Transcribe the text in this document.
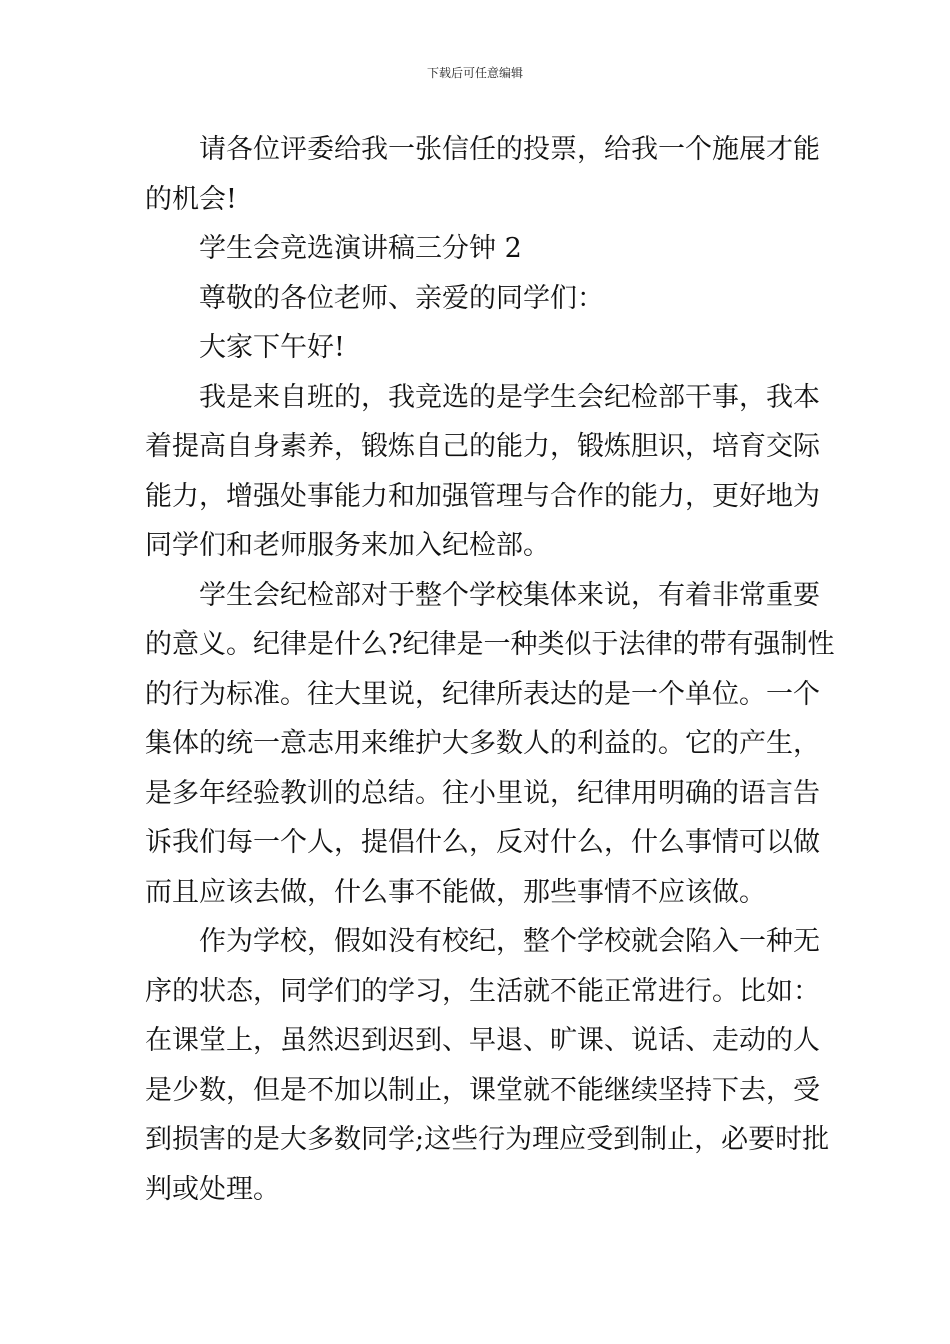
下载后可任意编辑
请各位评委给我一张信任的投票，给我一个施展才能
的机会!
学生会竞选演讲稿三分钟 2
尊敬的各位老师、亲爱的同学们：
大家下午好!
我是来自班的，我竞选的是学生会纪检部干事，我本
着提高自身素养，锻炼自己的能力，锻炼胆识，培育交际
能力，增强处事能力和加强管理与合作的能力，更好地为
同学们和老师服务来加入纪检部。
学生会纪检部对于整个学校集体来说，有着非常重要
的意义。纪律是什么?纪律是一种类似于法律的带有强制性
的行为标准。往大里说，纪律所表达的是一个单位。一个
集体的统一意志用来维护大多数人的利益的。它的产生，
是多年经验教训的总结。往小里说，纪律用明确的语言告
诉我们每一个人，提倡什么，反对什么，什么事情可以做
而且应该去做，什么事不能做，那些事情不应该做。
作为学校，假如没有校纪，整个学校就会陷入一种无
序的状态，同学们的学习，生活就不能正常进行。比如：
在课堂上，虽然迟到迟到、早退、旷课、说话、走动的人
是少数，但是不加以制止，课堂就不能继续坚持下去，受
到损害的是大多数同学;这些行为理应受到制止，必要时批
判或处理。
